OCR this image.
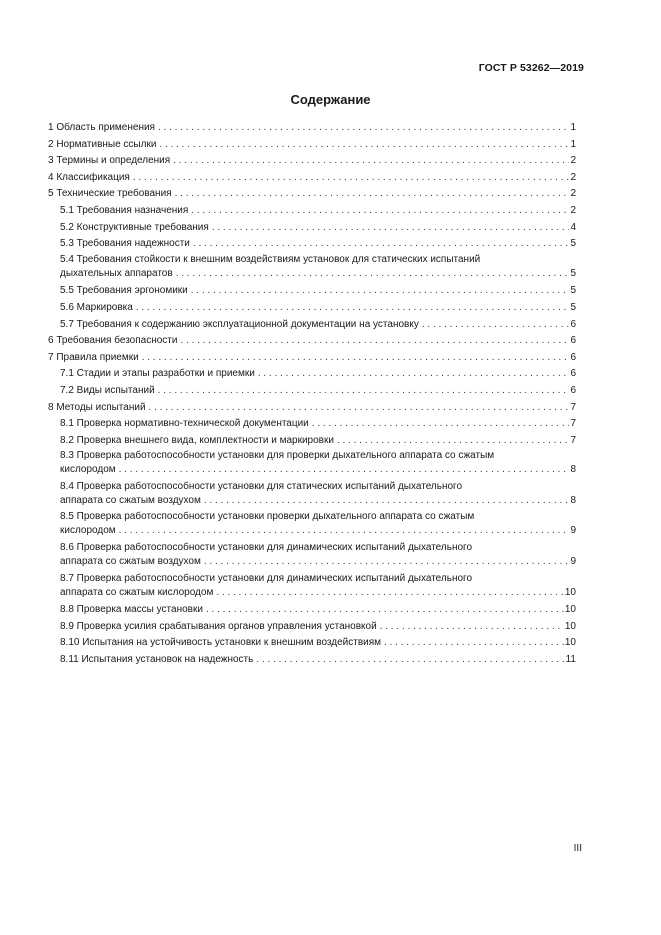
ГОСТ Р 53262—2019
Содержание
1 Область применения . . .	1
2 Нормативные ссылки . . .	1
3 Термины и определения . . .	2
4 Классификация . . .	2
5 Технические требования . . .	2
5.1 Требования назначения . . .	2
5.2 Конструктивные требования . . .	4
5.3 Требования надежности . . .	5
5.4 Требования стойкости к внешним воздействиям установок для статических испытаний
дыхательных аппаратов . . .	5
5.5 Требования эргономики . . .	5
5.6 Маркировка . . .	5
5.7 Требования к содержанию эксплуатационной документации на установку . . .	6
6 Требования безопасности . . .	6
7 Правила приемки . . .	6
7.1 Стадии и этапы разработки и приемки . . .	6
7.2 Виды испытаний . . .	6
8 Методы испытаний . . .	7
8.1 Проверка нормативно-технической документации . . .	7
8.2 Проверка внешнего вида, комплектности и маркировки . . .	7
8.3 Проверка работоспособности установки для проверки дыхательного аппарата со сжатым
кислородом . . .	8
8.4 Проверка работоспособности установки для статических испытаний дыхательного
аппарата со сжатым воздухом . . .	8
8.5 Проверка работоспособности установки проверки дыхательного аппарата со сжатым
кислородом . . .	9
8.6 Проверка работоспособности установки для динамических испытаний дыхательного
аппарата со сжатым воздухом . . .	9
8.7 Проверка работоспособности установки для динамических испытаний дыхательного
аппарата со сжатым кислородом . . .	10
8.8 Проверка массы установки . . .	10
8.9 Проверка усилия срабатывания органов управления установкой . . .	10
8.10 Испытания на устойчивость установки к внешним воздействиям . . .	10
8.11 Испытания установок на надежность . . .	11
III
